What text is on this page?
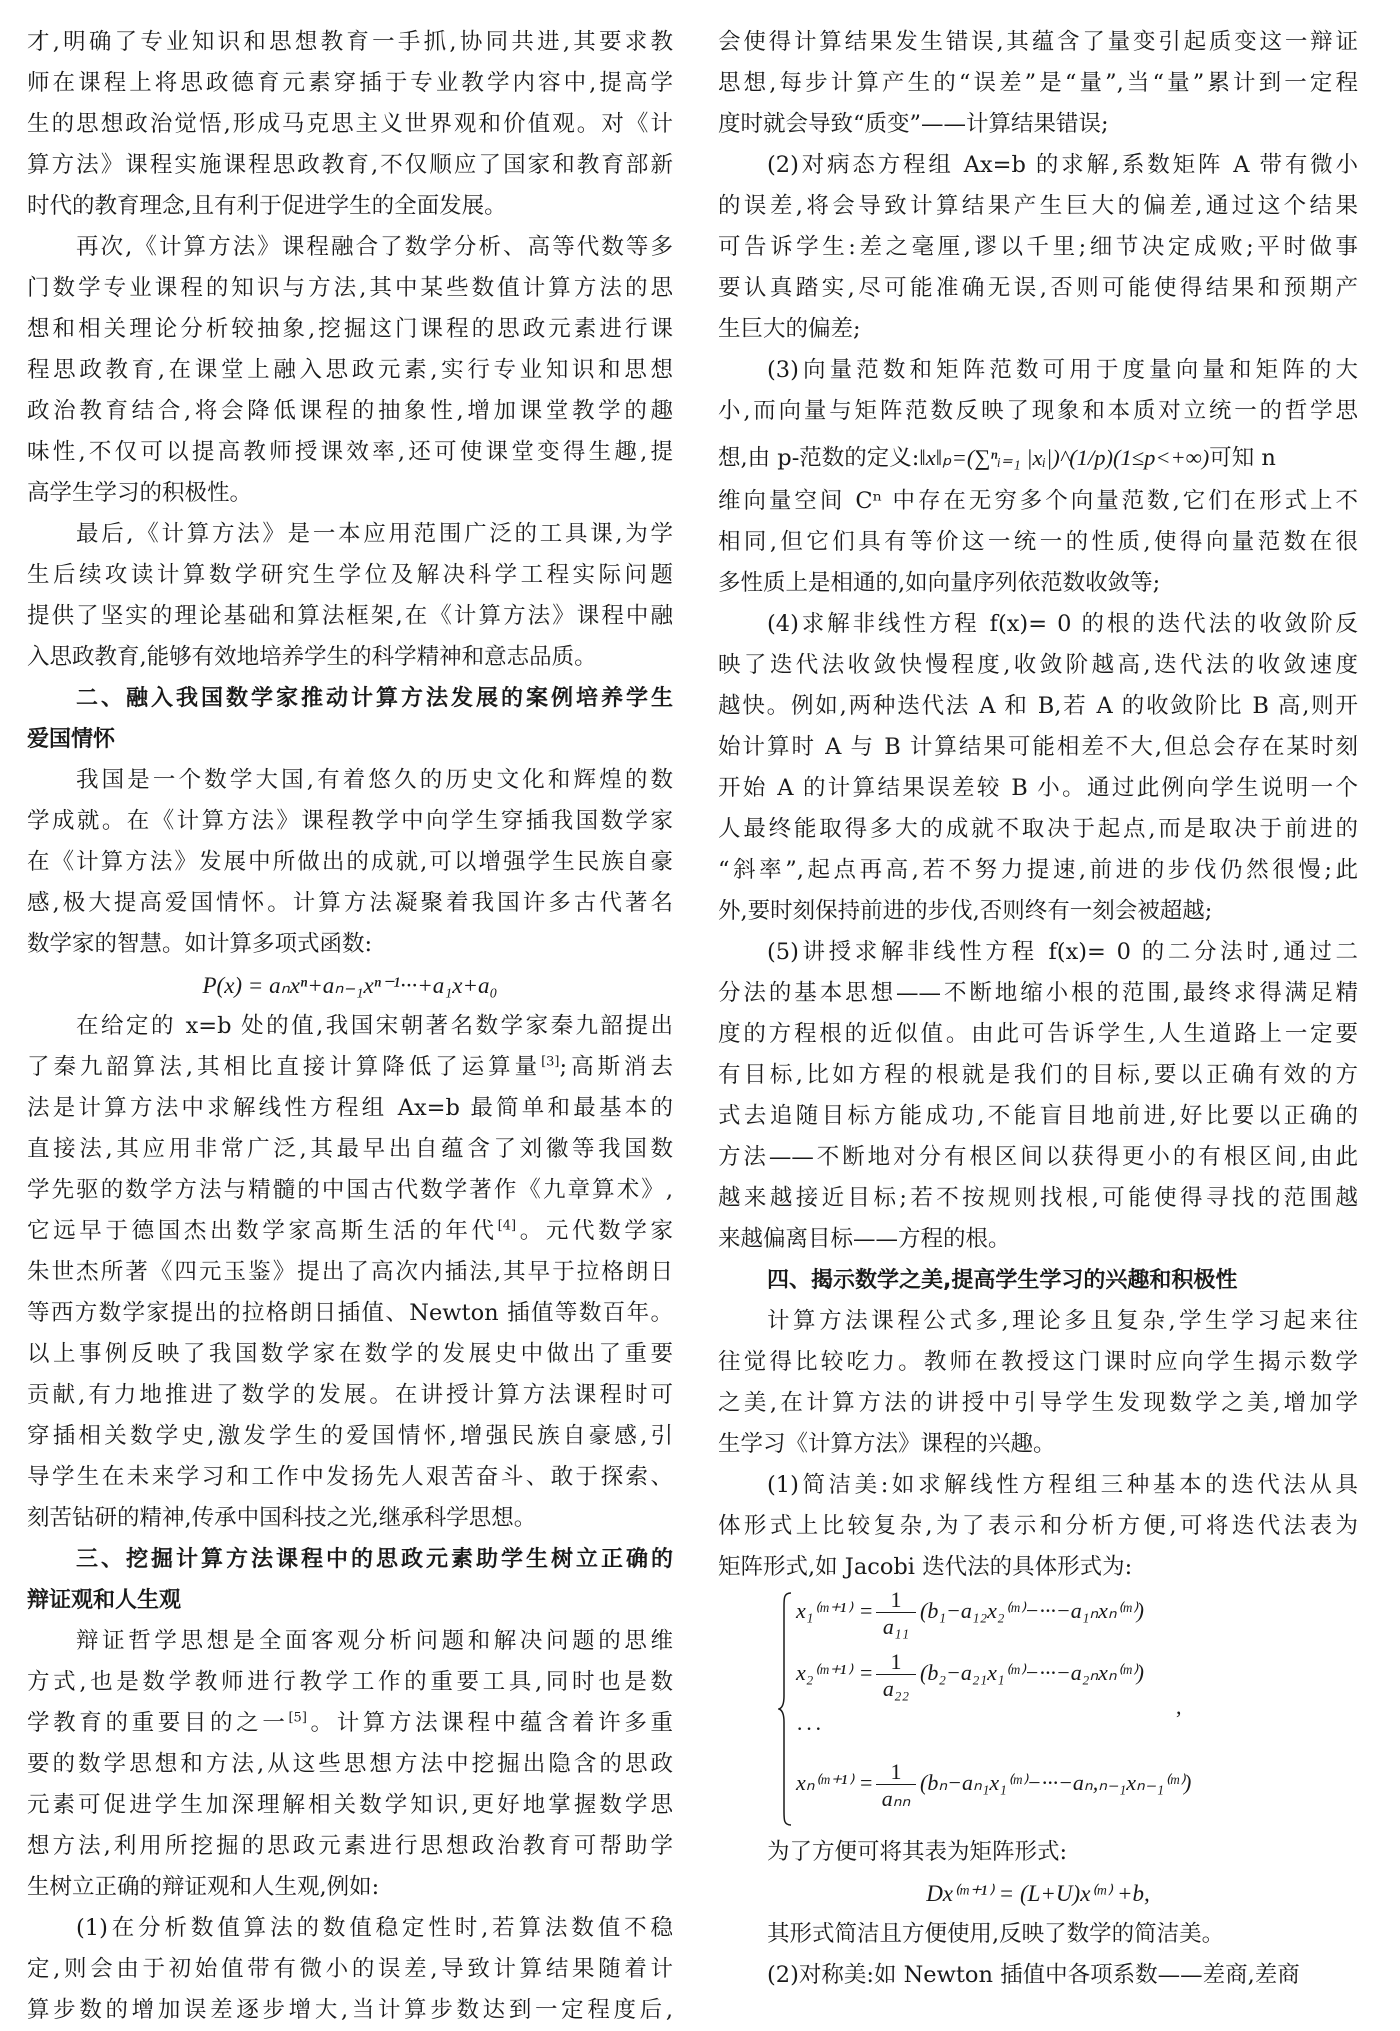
才,明确了专业知识和思想教育一手抓,协同共进,其要求教
师在课程上将思政德育元素穿插于专业教学内容中,提高学
生的思想政治觉悟,形成马克思主义世界观和价值观。对《计
算方法》课程实施课程思政教育,不仅顺应了国家和教育部新
时代的教育理念,且有利于促进学生的全面发展。
再次,《计算方法》课程融合了数学分析、高等代数等多
门数学专业课程的知识与方法,其中某些数值计算方法的思
想和相关理论分析较抽象,挖掘这门课程的思政元素进行课
程思政教育,在课堂上融入思政元素,实行专业知识和思想
政治教育结合,将会降低课程的抽象性,增加课堂教学的趣
味性,不仅可以提高教师授课效率,还可使课堂变得生趣,提
高学生学习的积极性。
最后,《计算方法》是一本应用范围广泛的工具课,为学
生后续攻读计算数学研究生学位及解决科学工程实际问题
提供了坚实的理论基础和算法框架,在《计算方法》课程中融
入思政教育,能够有效地培养学生的科学精神和意志品质。
二、融入我国数学家推动计算方法发展的案例培养学生
爱国情怀
我国是一个数学大国,有着悠久的历史文化和辉煌的数
学成就。在《计算方法》课程教学中向学生穿插我国数学家
在《计算方法》发展中所做出的成就,可以增强学生民族自豪
感,极大提高爱国情怀。计算方法凝聚着我国许多古代著名
数学家的智慧。如计算多项式函数:
P(x) = aₙxⁿ+aₙ₋₁xⁿ⁻¹···+a₁x+a₀
在给定的 x=b 处的值,我国宋朝著名数学家秦九韶提出
了秦九韶算法,其相比直接计算降低了运算量[3];高斯消去
法是计算方法中求解线性方程组 Ax=b 最简单和最基本的
直接法,其应用非常广泛,其最早出自蕴含了刘徽等我国数
学先驱的数学方法与精髓的中国古代数学著作《九章算术》,
它远早于德国杰出数学家高斯生活的年代[4]。元代数学家
朱世杰所著《四元玉鉴》提出了高次内插法,其早于拉格朗日
等西方数学家提出的拉格朗日插值、Newton 插值等数百年。
以上事例反映了我国数学家在数学的发展史中做出了重要
贡献,有力地推进了数学的发展。在讲授计算方法课程时可
穿插相关数学史,激发学生的爱国情怀,增强民族自豪感,引
导学生在未来学习和工作中发扬先人艰苦奋斗、敢于探索、
刻苦钻研的精神,传承中国科技之光,继承科学思想。
三、挖掘计算方法课程中的思政元素助学生树立正确的
辩证观和人生观
辩证哲学思想是全面客观分析问题和解决问题的思维
方式,也是数学教师进行教学工作的重要工具,同时也是数
学教育的重要目的之一[5]。计算方法课程中蕴含着许多重
要的数学思想和方法,从这些思想方法中挖掘出隐含的思政
元素可促进学生加深理解相关数学知识,更好地掌握数学思
想方法,利用所挖掘的思政元素进行思想政治教育可帮助学
生树立正确的辩证观和人生观,例如:
(1)在分析数值算法的数值稳定性时,若算法数值不稳
定,则会由于初始值带有微小的误差,导致计算结果随着计
算步数的增加误差逐步增大,当计算步数达到一定程度后,
会使得计算结果发生错误,其蕴含了量变引起质变这一辩证
思想,每步计算产生的“误差”是“量”,当“量”累计到一定程
度时就会导致“质变”——计算结果错误;
(2)对病态方程组 Ax=b 的求解,系数矩阵 A 带有微小
的误差,将会导致计算结果产生巨大的偏差,通过这个结果
可告诉学生:差之毫厘,谬以千里;细节决定成败;平时做事
要认真踏实,尽可能准确无误,否则可能使得结果和预期产
生巨大的偏差;
(3)向量范数和矩阵范数可用于度量向量和矩阵的大
小,而向量与矩阵范数反映了现象和本质对立统一的哲学思
想,由 p-范数的定义:‖x‖ₚ=(∑ⁿᵢ₌₁ |xᵢ|)^(1/p)(1≤p<+∞)可知 n
维向量空间 Cⁿ 中存在无穷多个向量范数,它们在形式上不
相同,但它们具有等价这一统一的性质,使得向量范数在很
多性质上是相通的,如向量序列依范数收敛等;
(4)求解非线性方程 f(x)= 0 的根的迭代法的收敛阶反
映了迭代法收敛快慢程度,收敛阶越高,迭代法的收敛速度
越快。例如,两种迭代法 A 和 B,若 A 的收敛阶比 B 高,则开
始计算时 A 与 B 计算结果可能相差不大,但总会存在某时刻
开始 A 的计算结果误差较 B 小。通过此例向学生说明一个
人最终能取得多大的成就不取决于起点,而是取决于前进的
“斜率”,起点再高,若不努力提速,前进的步伐仍然很慢;此
外,要时刻保持前进的步伐,否则终有一刻会被超越;
(5)讲授求解非线性方程 f(x)= 0 的二分法时,通过二
分法的基本思想——不断地缩小根的范围,最终求得满足精
度的方程根的近似值。由此可告诉学生,人生道路上一定要
有目标,比如方程的根就是我们的目标,要以正确有效的方
式去追随目标方能成功,不能盲目地前进,好比要以正确的
方法——不断地对分有根区间以获得更小的有根区间,由此
越来越接近目标;若不按规则找根,可能使得寻找的范围越
来越偏离目标——方程的根。
四、揭示数学之美,提高学生学习的兴趣和积极性
计算方法课程公式多,理论多且复杂,学生学习起来往
往觉得比较吃力。教师在教授这门课时应向学生揭示数学
之美,在计算方法的讲授中引导学生发现数学之美,增加学
生学习《计算方法》课程的兴趣。
(1)简洁美:如求解线性方程组三种基本的迭代法从具
体形式上比较复杂,为了表示和分析方便,可将迭代法表为
矩阵形式,如 Jacobi 迭代法的具体形式为:
x₁⁽ᵐ⁺¹⁾ = $\frac{1}{\text{a₁₁}}$ (b₁−a₁₂x₂⁽ᵐ⁾−···−a₁ₙxₙ⁽ᵐ⁾)
x₂⁽ᵐ⁺¹⁾ = $\frac{1}{\text{a₂₂}}$ (b₂−a₂₁x₁⁽ᵐ⁾−···−a₂ₙxₙ⁽ᵐ⁾)
,
···
xₙ⁽ᵐ⁺¹⁾ = 1
aₙₙ
(bₙ−aₙ₁x₁⁽ᵐ⁾−···−aₙ,ₙ₋₁xₙ₋₁⁽ᵐ⁾)
为了方便可将其表为矩阵形式:
Dx⁽ᵐ⁺¹⁾ = (L+U)x⁽ᵐ⁾ +b,
其形式简洁且方便使用,反映了数学的简洁美。
(2)对称美:如 Newton 插值中各项系数——差商,差商
